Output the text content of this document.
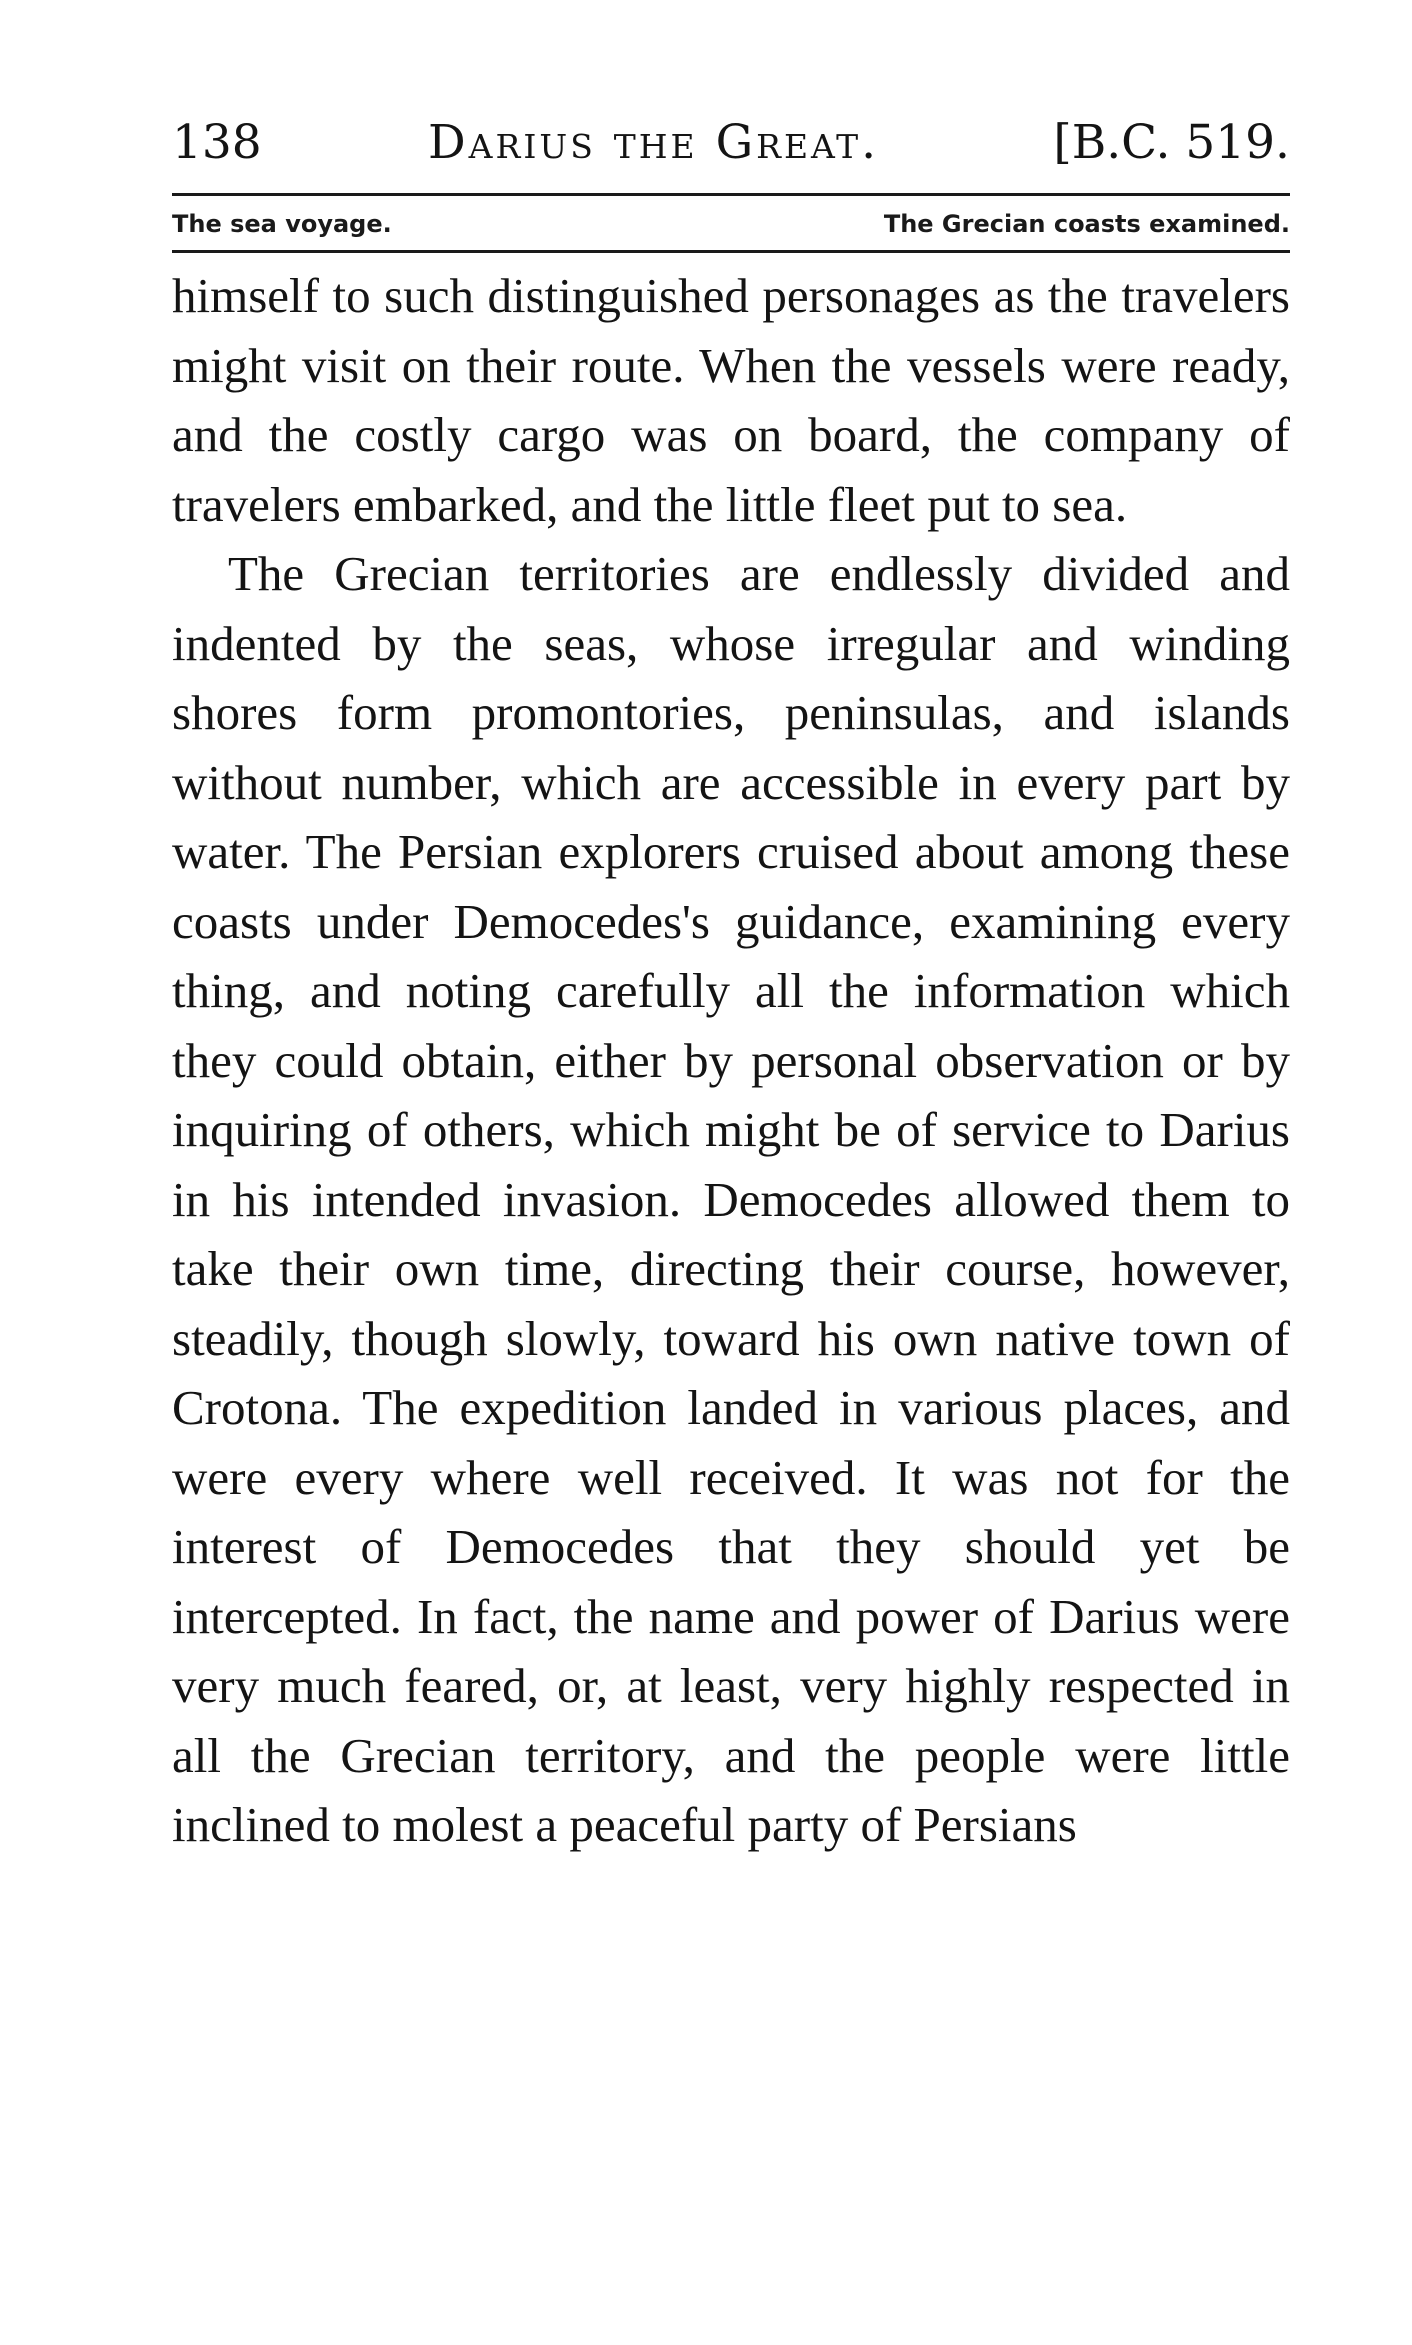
138	Darius the Great.	[B.C. 519.
The sea voyage.	The Grecian coasts examined.

himself to such distinguished personages as the travelers might visit on their route. When the vessels were ready, and the costly cargo was on board, the company of travelers embarked, and the little fleet put to sea.

The Grecian territories are endlessly divided and indented by the seas, whose irregular and winding shores form promontories, peninsulas, and islands without number, which are accessible in every part by water. The Persian explorers cruised about among these coasts under Democedes's guidance, examining every thing, and noting carefully all the information which they could obtain, either by personal observation or by inquiring of others, which might be of service to Darius in his intended invasion. Democedes allowed them to take their own time, directing their course, however, steadily, though slowly, toward his own native town of Crotona. The expedition landed in various places, and were every where well received. It was not for the interest of Democedes that they should yet be intercepted. In fact, the name and power of Darius were very much feared, or, at least, very highly respected in all the Grecian territory, and the people were little inclined to molest a peaceful party of Persians
